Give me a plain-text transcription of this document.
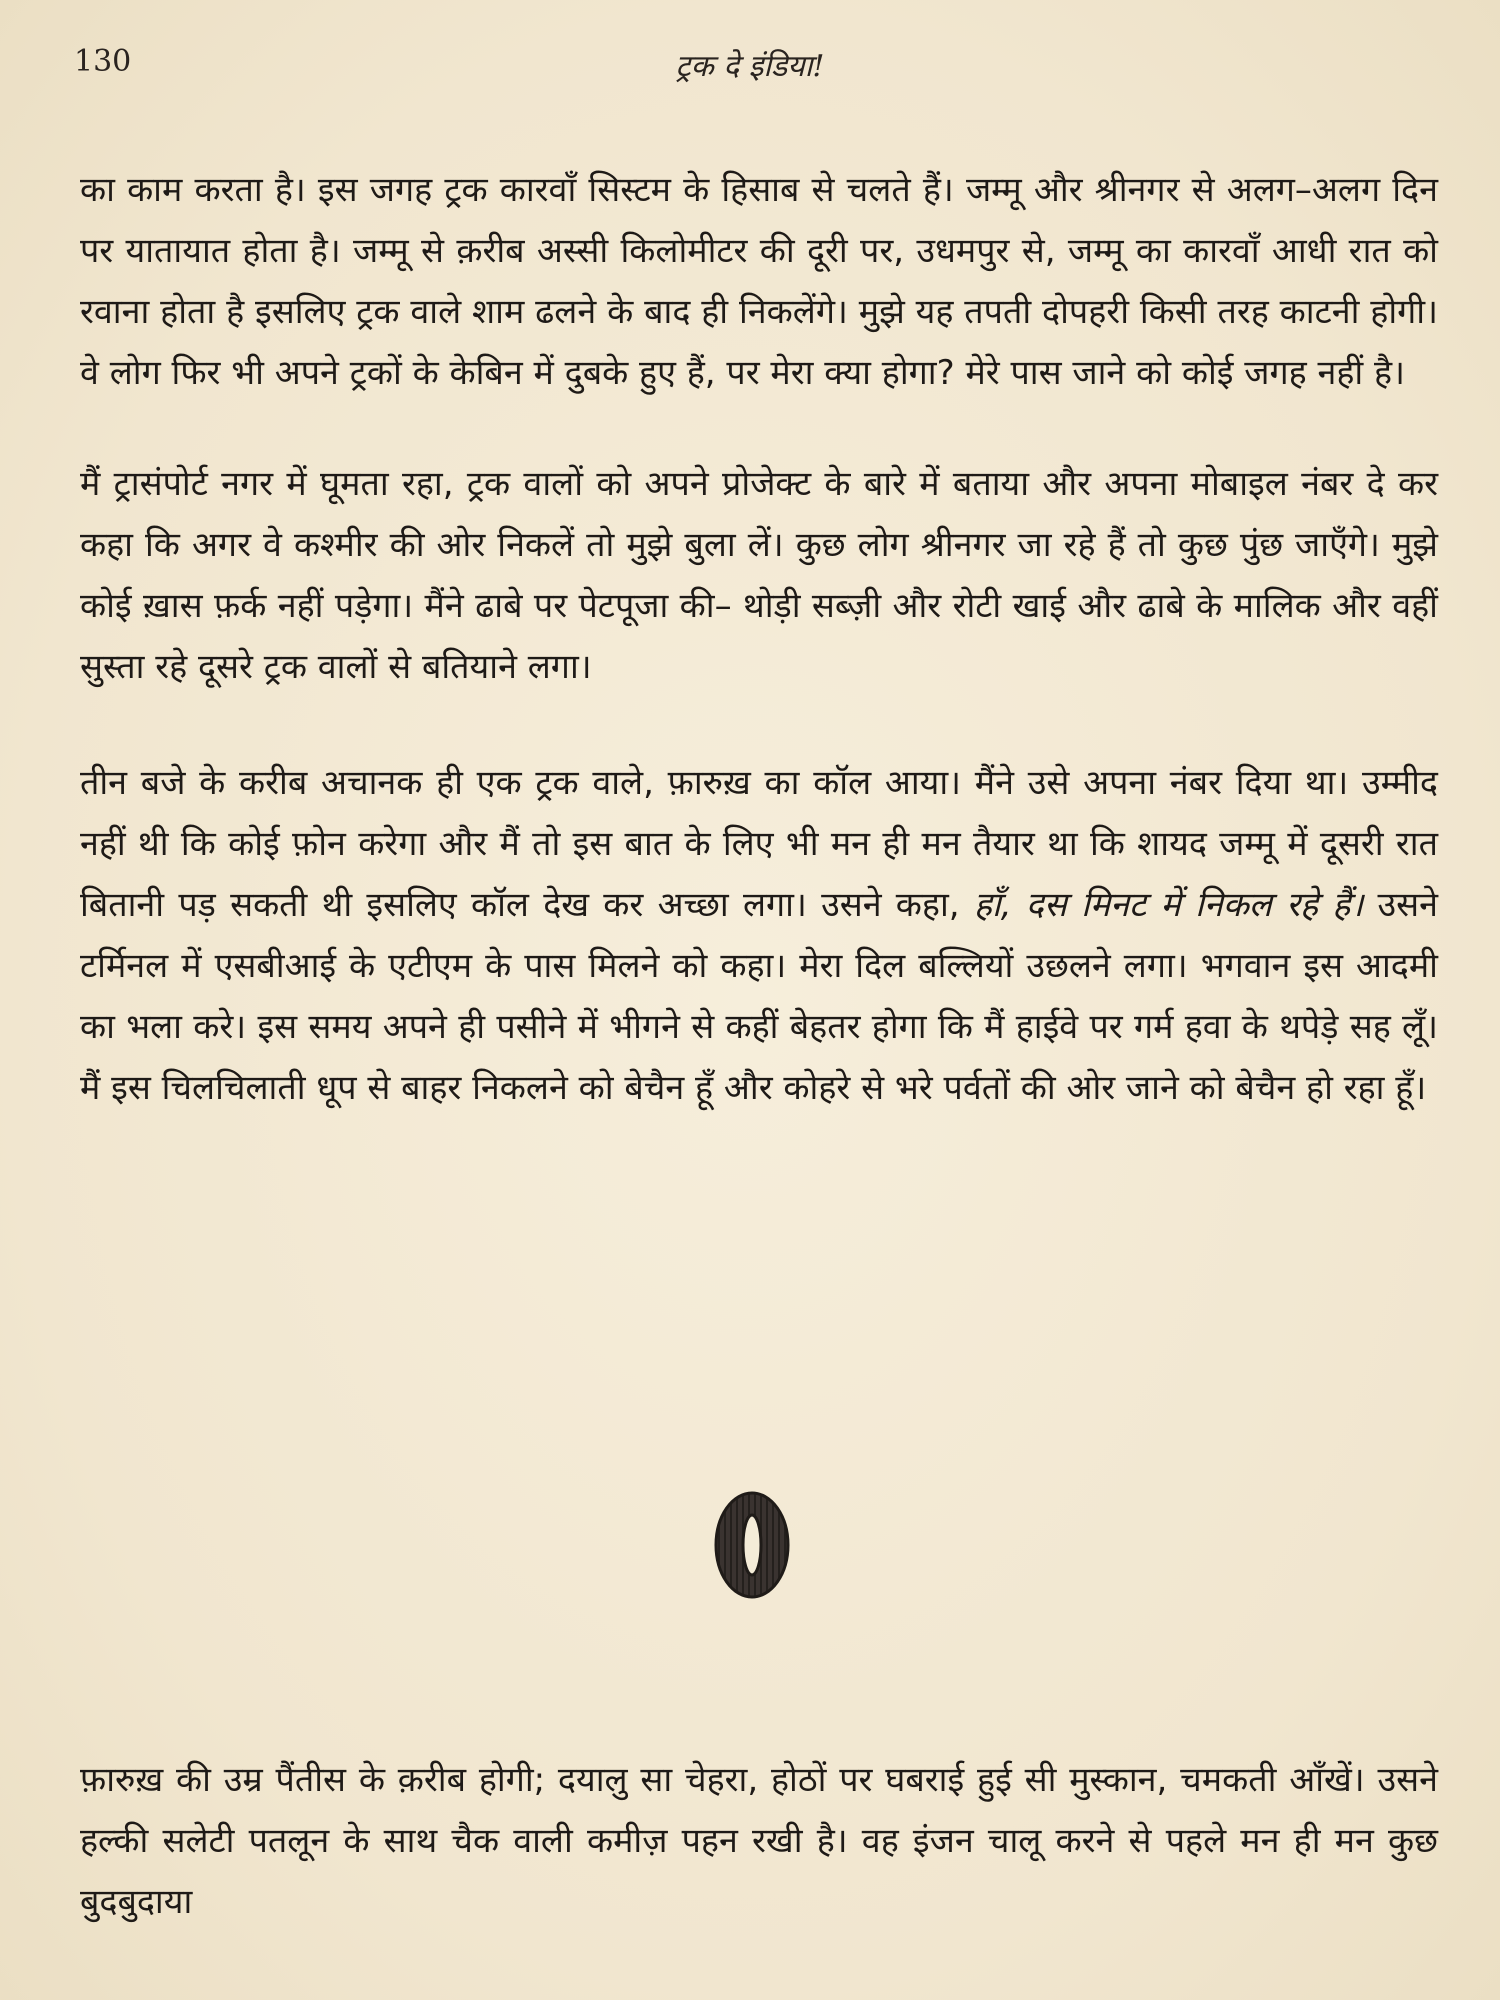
130	ट्रक दे इंडिया!

का काम करता है। इस जगह ट्रक कारवाँ सिस्टम के हिसाब से चलते हैं। जम्मू और श्रीनगर से अलग–अलग दिन पर यातायात होता है। जम्मू से क़रीब अस्सी किलोमीटर की दूरी पर, उधमपुर से, जम्मू का कारवाँ आधी रात को रवाना होता है इसलिए ट्रक वाले शाम ढलने के बाद ही निकलेंगे। मुझे यह तपती दोपहरी किसी तरह काटनी होगी। वे लोग फिर भी अपने ट्रकों के केबिन में दुबके हुए हैं, पर मेरा क्या होगा? मेरे पास जाने को कोई जगह नहीं है।

मैं ट्रासंपोर्ट नगर में घूमता रहा, ट्रक वालों को अपने प्रोजेक्ट के बारे में बताया और अपना मोबाइल नंबर दे कर कहा कि अगर वे कश्मीर की ओर निकलें तो मुझे बुला लें। कुछ लोग श्रीनगर जा रहे हैं तो कुछ पुंछ जाएँगे। मुझे कोई ख़ास फ़र्क नहीं पड़ेगा। मैंने ढाबे पर पेटपूजा की– थोड़ी सब्ज़ी और रोटी खाई और ढाबे के मालिक और वहीं सुस्ता रहे दूसरे ट्रक वालों से बतियाने लगा।

तीन बजे के करीब अचानक ही एक ट्रक वाले, फ़ारुख़ का कॉल आया। मैंने उसे अपना नंबर दिया था। उम्मीद नहीं थी कि कोई फ़ोन करेगा और मैं तो इस बात के लिए भी मन ही मन तैयार था कि शायद जम्मू में दूसरी रात बितानी पड़ सकती थी इसलिए कॉल देख कर अच्छा लगा। उसने कहा, हाँ, दस मिनट में निकल रहे हैं। उसने टर्मिनल में एसबीआई के एटीएम के पास मिलने को कहा। मेरा दिल बल्लियों उछलने लगा। भगवान इस आदमी का भला करे। इस समय अपने ही पसीने में भीगने से कहीं बेहतर होगा कि मैं हाईवे पर गर्म हवा के थपेड़े सह लूँ। मैं इस चिलचिलाती धूप से बाहर निकलने को बेचैन हूँ और कोहरे से भरे पर्वतों की ओर जाने को बेचैन हो रहा हूँ।

फ़ारुख़ की उम्र पैंतीस के क़रीब होगी; दयालु सा चेहरा, होठों पर घबराई हुई सी मुस्कान, चमकती आँखें। उसने हल्की सलेटी पतलून के साथ चैक वाली कमीज़ पहन रखी है। वह इंजन चालू करने से पहले मन ही मन कुछ बुदबुदाया
